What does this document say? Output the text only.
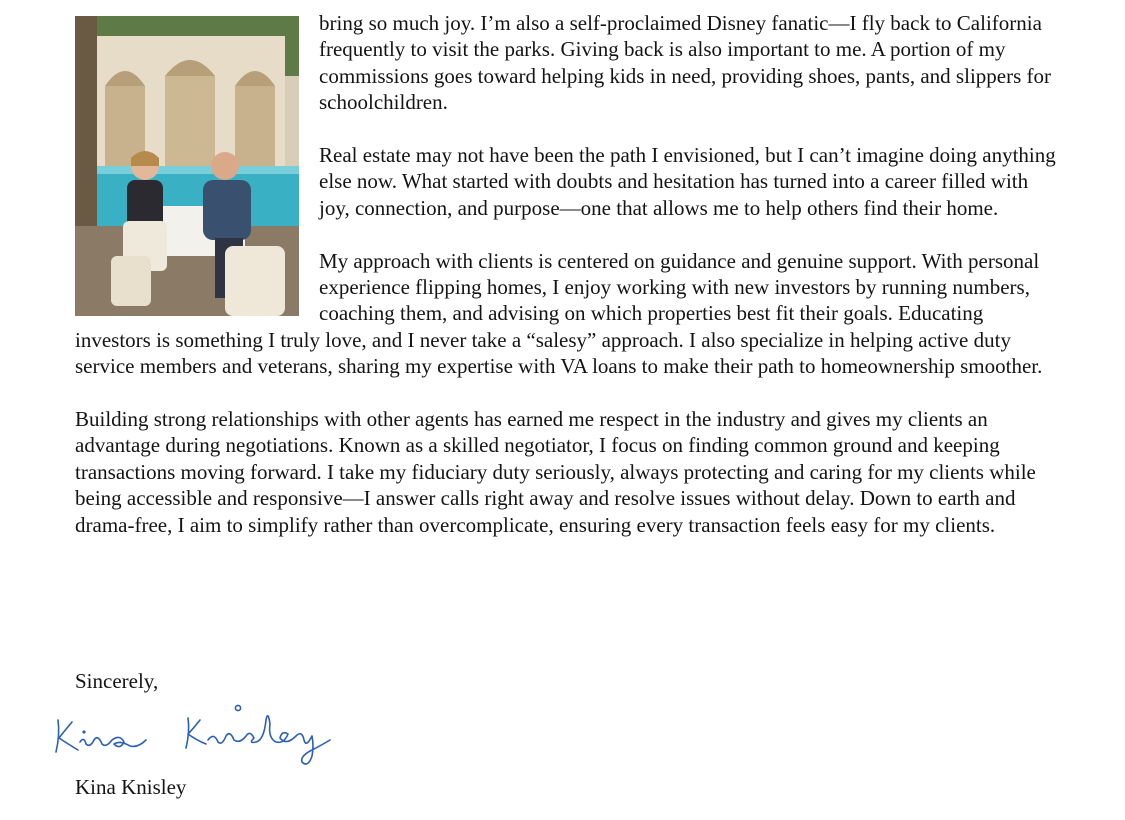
bring so much joy. I’m also a self-proclaimed Disney fanatic—I fly back to California frequently to visit the parks. Giving back is also important to me. A portion of my commissions goes toward helping kids in need, providing shoes, pants, and slippers for schoolchildren.

Real estate may not have been the path I envisioned, but I can’t imagine doing anything else now. What started with doubts and hesitation has turned into a career filled with joy, connection, and purpose—one that allows me to help others find their home.

My approach with clients is centered on guidance and genuine support. With personal experience flipping homes, I enjoy working with new investors by running numbers, coaching them, and advising on which properties best fit their goals. Educating investors is something I truly love, and I never take a “salesy” approach. I also specialize in helping active duty service members and veterans, sharing my expertise with VA loans to make their path to homeownership smoother.

Building strong relationships with other agents has earned me respect in the industry and gives my clients an advantage during negotiations. Known as a skilled negotiator, I focus on finding common ground and keeping transactions moving forward. I take my fiduciary duty seriously, always protecting and caring for my clients while being accessible and responsive—I answer calls right away and resolve issues without delay. Down to earth and drama-free, I aim to simplify rather than overcomplicate, ensuring every transaction feels easy for my clients.

Sincerely,

Kina Knisley
